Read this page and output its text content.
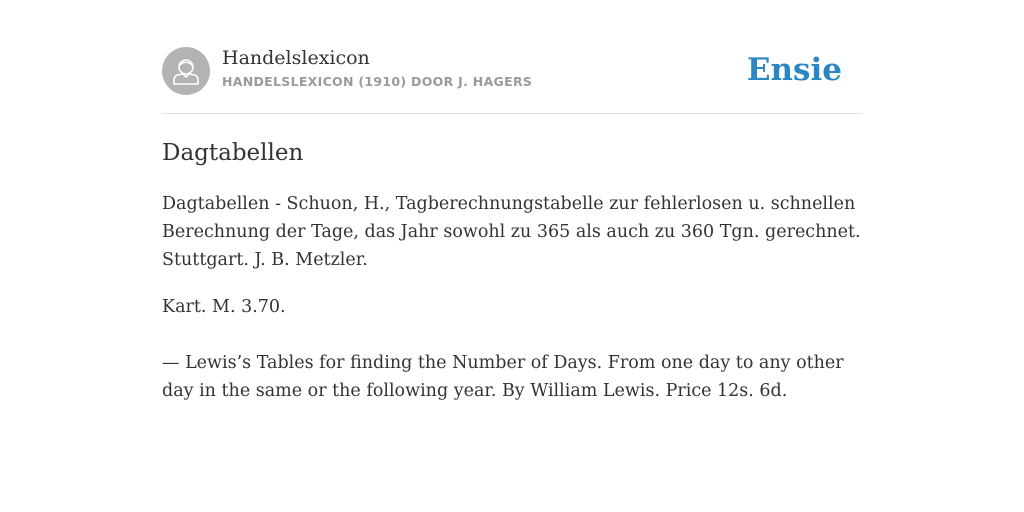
Handelslexicon
HANDELSLEXICON (1910) DOOR J. HAGERS	Ensie
Dagtabellen

Dagtabellen - Schuon, H., Tagberechnungstabelle zur fehlerlosen u. schnellen Berechnung der Tage, das Jahr sowohl zu 365 als auch zu 360 Tgn. gerechnet. Stuttgart. J. B. Metzler.

Kart. M. 3.70.

— Lewis’s Tables for finding the Number of Days. From one day to any other day in the same or the following year. By William Lewis. Price 12s. 6d.
